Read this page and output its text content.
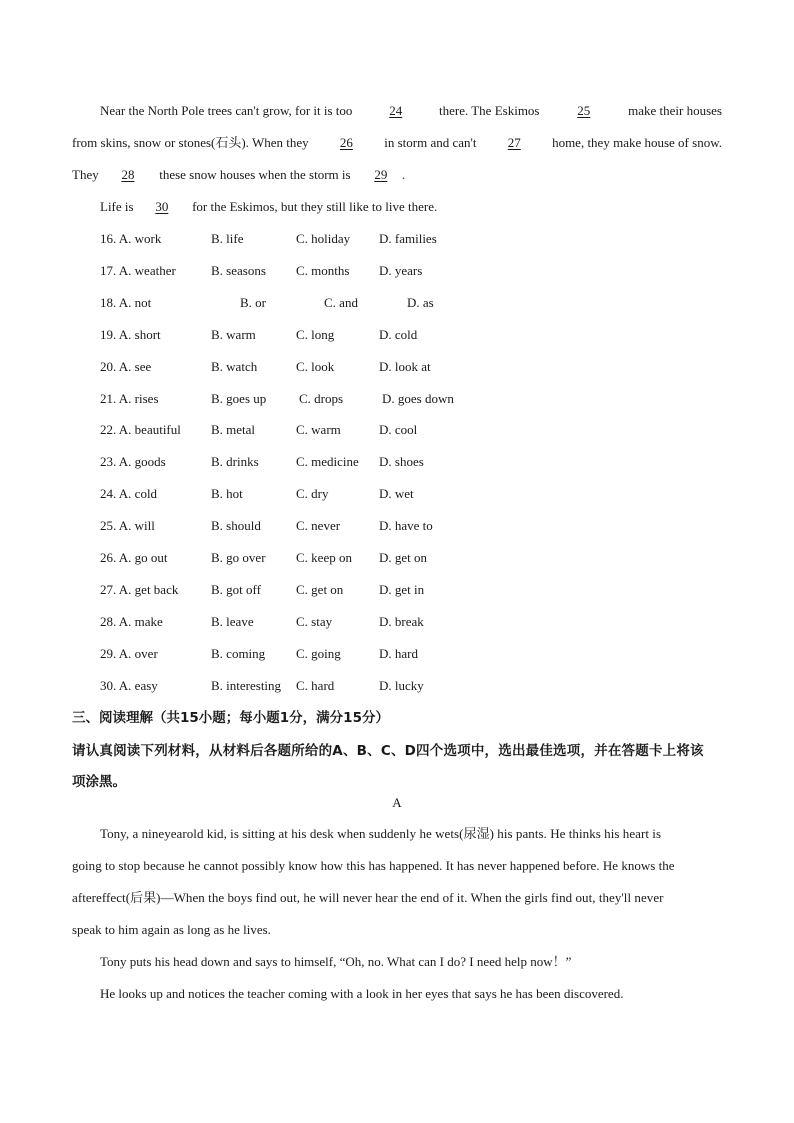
Near the North Pole trees can't grow, for it is too	24	there. The Eskimos	25	make their houses
from skins, snow or stones(石头). When they	26	in storm and can't	27	home, they make house of snow.
They 28 these snow houses when the storm is 29 .
Life is 30 for the Eskimos, but they still like to live there.
16. A. work	B. life	C. holiday D. families
17. A. weather	B. seasons C. months D. years
18. A. not	B. or	C. and	D. as
19. A. short	B. warm	C. long	D. cold
20. A. see	B. watch	C. look	D. look at
21. A. rises	B. goes up	C. drops	D. goes down
22. A. beautiful B. metal	C. warm	D. cool
23. A. goods	B. drinks	C. medicine D. shoes
24. A. cold	B. hot	C. dry	D. wet
25. A. will	B. should	C. never	D. have to
26. A. go out	B. go over C. keep on D. get on
27. A. get back	B. got off	C. get on	D. get in
28. A. make	B. leave	C. stay	D. break
29. A. over	B. coming C. going	D. hard
30. A. easy	B. interesting C. hard	D. lucky
三、阅读理解（共15小题；每小题1分，满分15分）
请认真阅读下列材料，从材料后各题所给的A、B、C、D四个选项中，选出最佳选项，并在答题卡上将该
项涂黑。
A
Tony, a nineyearold kid, is sitting at his desk when suddenly he wets(尿湿) his pants. He thinks his heart is
going to stop because he cannot possibly know how this has happened. It has never happened before. He knows the
aftereffect(后果)—When the boys find out, he will never hear the end of it. When the girls find out, they'll never
speak to him again as long as he lives.
Tony puts his head down and says to himself, “Oh, no. What can I do? I need help now！”
He looks up and notices the teacher coming with a look in her eyes that says he has been discovered.
